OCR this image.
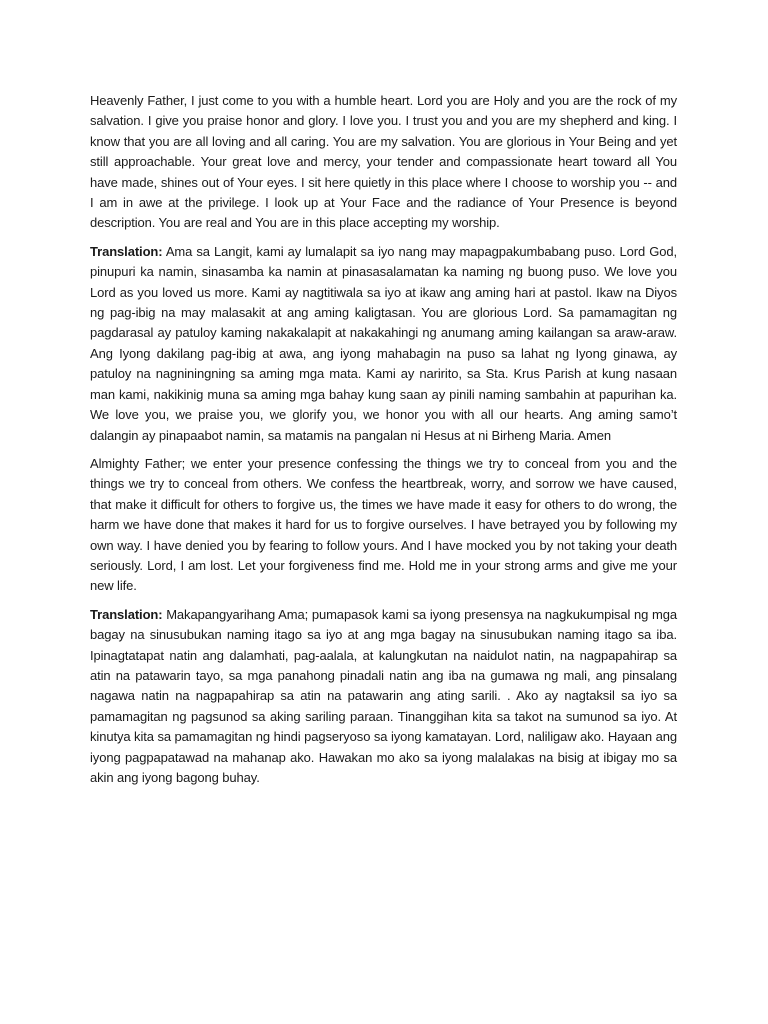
Heavenly Father, I just come to you with a humble heart. Lord you are Holy and you are the rock of my salvation. I give you praise honor and glory. I love you. I trust you and you are my shepherd and king. I know that you are all loving and all caring. You are my salvation. You are glorious in Your Being and yet still approachable. Your great love and mercy, your tender and compassionate heart toward all You have made, shines out of Your eyes. I sit here quietly in this place where I choose to worship you -- and I am in awe at the privilege. I look up at Your Face and the radiance of Your Presence is beyond description. You are real and You are in this place accepting my worship.

Translation: Ama sa Langit, kami ay lumalapit sa iyo nang may mapagpakumbabang puso. Lord God, pinupuri ka namin, sinasamba ka namin at pinasasalamatan ka naming ng buong puso. We love you Lord as you loved us more. Kami ay nagtitiwala sa iyo at ikaw ang aming hari at pastol. Ikaw na Diyos ng pag-ibig na may malasakit at ang aming kaligtasan. You are glorious Lord. Sa pamamagitan ng pagdarasal ay patuloy kaming nakakalapit at nakakahingi ng anumang aming kailangan sa araw-araw. Ang Iyong dakilang pag-ibig at awa, ang iyong mahabagin na puso sa lahat ng Iyong ginawa, ay patuloy na nagniningning sa aming mga mata. Kami ay naririto, sa Sta. Krus Parish at kung nasaan man kami, nakikinig muna sa aming mga bahay kung saan ay pinili naming sambahin at papurihan ka. We love you, we praise you, we glorify you, we honor you with all our hearts. Ang aming samo’t dalangin ay pinapaabot namin, sa matamis na pangalan ni Hesus at ni Birheng Maria. Amen

Almighty Father; we enter your presence confessing the things we try to conceal from you and the things we try to conceal from others. We confess the heartbreak, worry, and sorrow we have caused, that make it difficult for others to forgive us, the times we have made it easy for others to do wrong, the harm we have done that makes it hard for us to forgive ourselves. I have betrayed you by following my own way. I have denied you by fearing to follow yours. And I have mocked you by not taking your death seriously. Lord, I am lost. Let your forgiveness find me. Hold me in your strong arms and give me your new life.

Translation: Makapangyarihang Ama; pumapasok kami sa iyong presensya na nagkukumpisal ng mga bagay na sinusubukan naming itago sa iyo at ang mga bagay na sinusubukan naming itago sa iba. Ipinagtatapat natin ang dalamhati, pag-aalala, at kalungkutan na naidulot natin, na nagpapahirap sa atin na patawarin tayo, sa mga panahong pinadali natin ang iba na gumawa ng mali, ang pinsalang nagawa natin na nagpapahirap sa atin na patawarin ang ating sarili. . Ako ay nagtaksil sa iyo sa pamamagitan ng pagsunod sa aking sariling paraan. Tinanggihan kita sa takot na sumunod sa iyo. At kinutya kita sa pamamagitan ng hindi pagseryoso sa iyong kamatayan. Lord, naliligaw ako. Hayaan ang iyong pagpapatawad na mahanap ako. Hawakan mo ako sa iyong malalakas na bisig at ibigay mo sa akin ang iyong bagong buhay.
